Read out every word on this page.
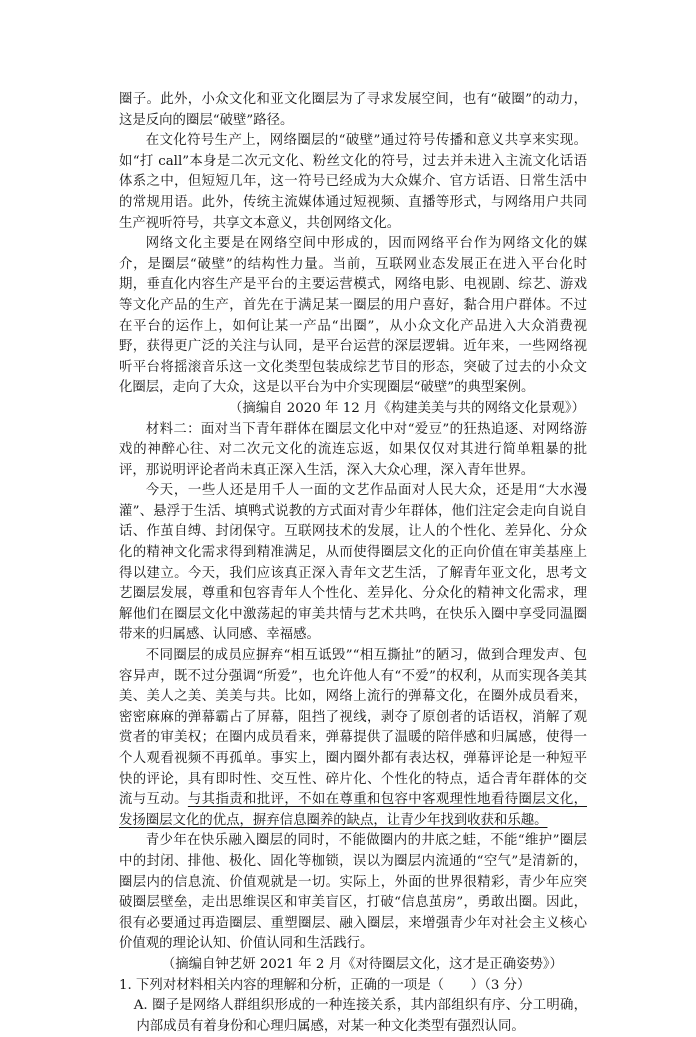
圈子。此外，小众文化和亚文化圈层为了寻求发展空间，也有“破圈”的动力，这是反向的圈层“破壁”路径。

在文化符号生产上，网络圈层的“破壁”通过符号传播和意义共享来实现。如“打 call”本身是二次元文化、粉丝文化的符号，过去并未进入主流文化话语体系之中，但短短几年，这一符号已经成为大众媒介、官方话语、日常生活中的常规用语。此外，传统主流媒体通过短视频、直播等形式，与网络用户共同生产视听符号，共享文本意义，共创网络文化。

网络文化主要是在网络空间中形成的，因而网络平台作为网络文化的媒介，是圈层“破壁”的结构性力量。当前，互联网业态发展正在进入平台化时期，垂直化内容生产是平台的主要运营模式，网络电影、电视剧、综艺、游戏等文化产品的生产，首先在于满足某一圈层的用户喜好，黏合用户群体。不过在平台的运作上，如何让某一产品“出圈”，从小众文化产品进入大众消费视野，获得更广泛的关注与认同，是平台运营的深层逻辑。近年来，一些网络视听平台将摇滚音乐这一文化类型包装成综艺节目的形态，突破了过去的小众文化圈层，走向了大众，这是以平台为中介实现圈层“破壁”的典型案例。

（摘编自 2020 年 12 月《构建美美与共的网络文化景观》）

材料二：面对当下青年群体在圈层文化中对“爱豆”的狂热追逐、对网络游戏的神醉心往、对二次元文化的流连忘返，如果仅仅对其进行简单粗暴的批评，那说明评论者尚未真正深入生活，深入大众心理，深入青年世界。

今天，一些人还是用千人一面的文艺作品面对人民大众，还是用“大水漫灌”、悬浮于生活、填鸭式说教的方式面对青少年群体，他们注定会走向自说自话、作茧自缚、封闭保守。互联网技术的发展，让人的个性化、差异化、分众化的精神文化需求得到精准满足，从而使得圈层文化的正向价值在审美基座上得以建立。今天，我们应该真正深入青年文艺生活，了解青年亚文化，思考文艺圈层发展，尊重和包容青年人个性化、差异化、分众化的精神文化需求，理解他们在圈层文化中激荡起的审美共情与艺术共鸣，在快乐入圈中享受同温圈带来的归属感、认同感、幸福感。

不同圈层的成员应摒弃“相互诋毁”“相互撕扯”的陋习，做到合理发声、包容异声，既不过分强调“所爱”，也允许他人有“不爱”的权利，从而实现各美其美、美人之美、美美与共。比如，网络上流行的弹幕文化，在圈外成员看来，密密麻麻的弹幕霸占了屏幕，阻挡了视线，剥夺了原创者的话语权，消解了观赏者的审美权；在圈内成员看来，弹幕提供了温暖的陪伴感和归属感，使得一个人观看视频不再孤单。事实上，圈内圈外都有表达权，弹幕评论是一种短平快的评论，具有即时性、交互性、碎片化、个性化的特点，适合青年群体的交流与互动。与其指责和批评，不如在尊重和包容中客观理性地看待圈层文化，发扬圈层文化的优点，摒弃信息圈养的缺点，让青少年找到收获和乐趣。

青少年在快乐融入圈层的同时，不能做圈内的井底之蛙，不能“维护”圈层中的封闭、排他、极化、固化等枷锁，误以为圈层内流通的“空气”是清新的，圈层内的信息流、价值观就是一切。实际上，外面的世界很精彩，青少年应突破圈层壁垒，走出思维误区和审美盲区，打破“信息茧房”，勇敢出圈。因此，很有必要通过再造圈层、重塑圈层、融入圈层，来增强青少年对社会主义核心价值观的理论认知、价值认同和生活践行。

（摘编自钟艺妍 2021 年 2 月《对待圈层文化，这才是正确姿势》）

1. 下列对材料相关内容的理解和分析，正确的一项是（　　）（3 分）

A. 圈子是网络人群组织形成的一种连接关系，其内部组织有序、分工明确，内部成员有着身份和心理归属感，对某一种文化类型有强烈认同。
